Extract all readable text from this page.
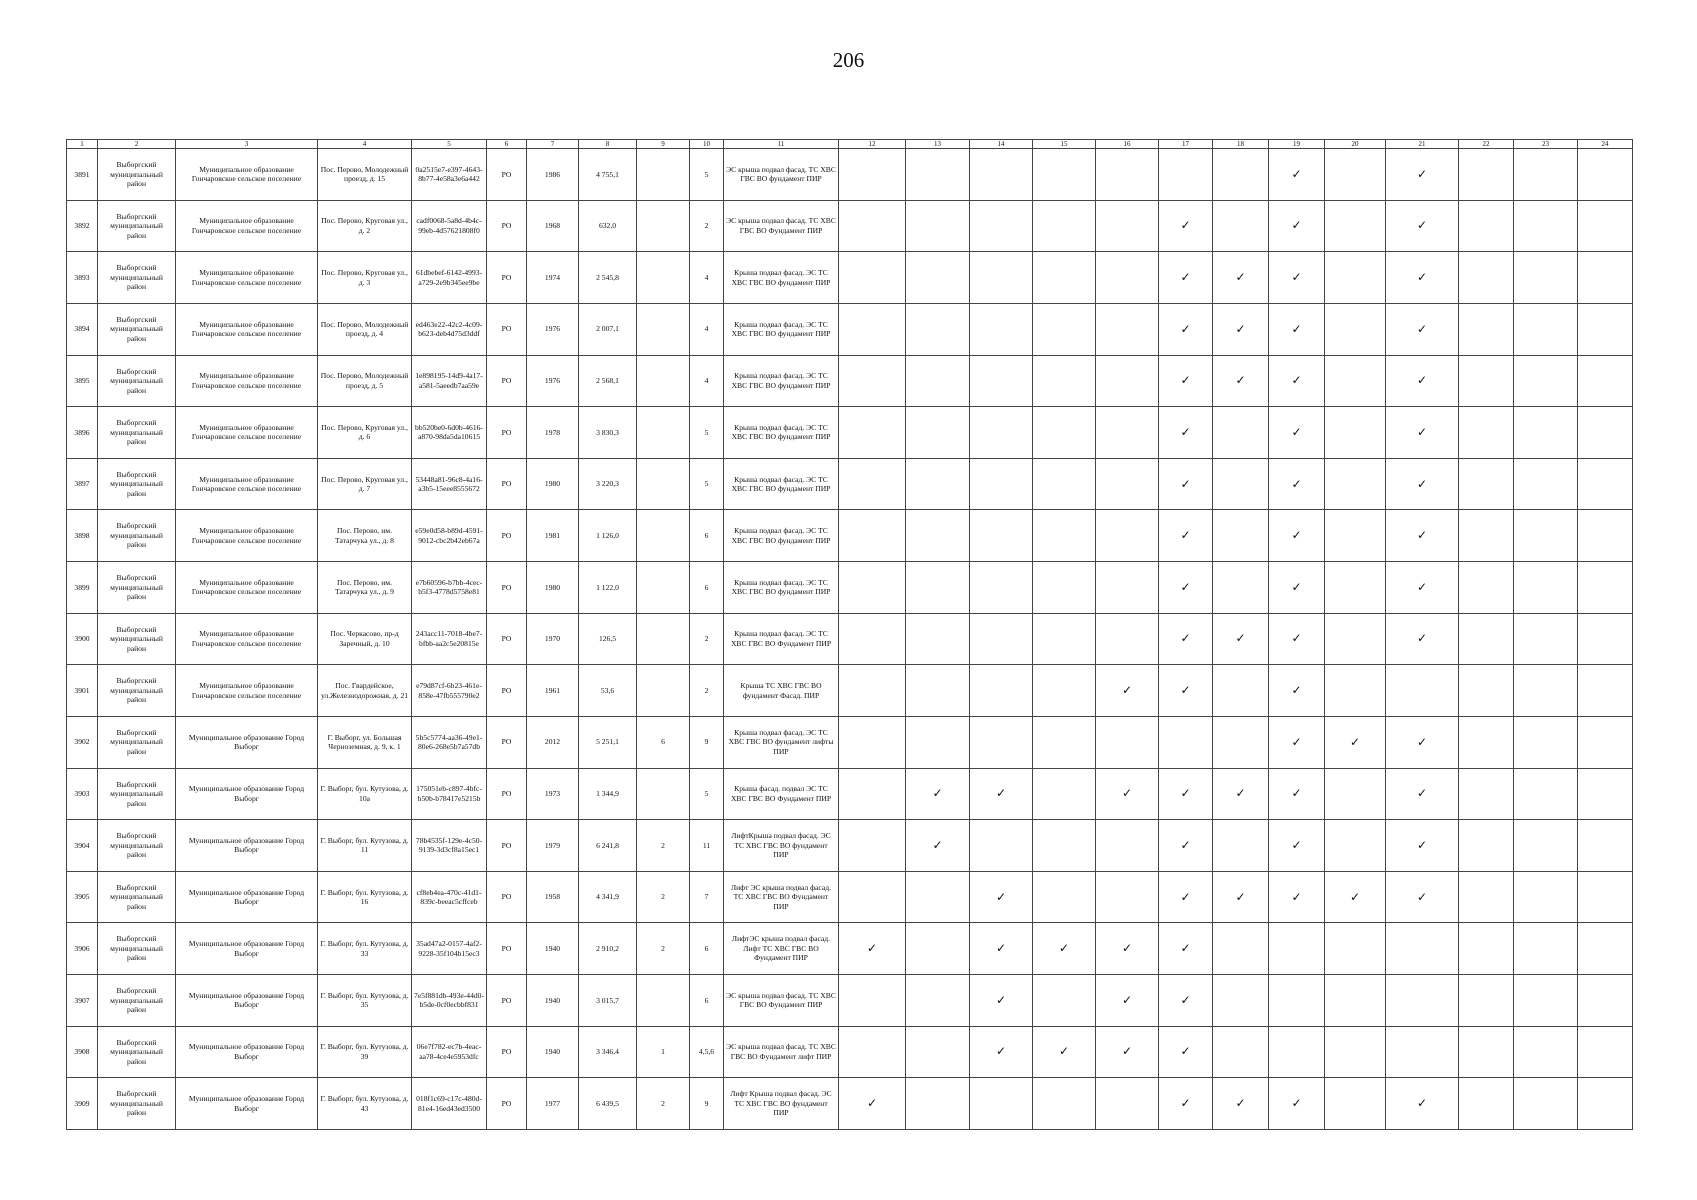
206
1	2	3	4	5	6	7	8	9	10	11	12	13	14	15	16	17	18	19	20	21	22	23	24
3891	Выборгский муниципальный район	Муниципальное образование Гончаровское сельское поселение	Пос. Перово, Молодежный проезд, д. 15	0a2515e7-e397-4643-8b77-4e58a3e6a442	РО	1986	4 755,1		5	ЭС крыша подвал фасад. ТС ХВС ГВС ВО фундамент ПИР								✓		✓			
3892	Выборгский муниципальный район	Муниципальное образование Гончаровское сельское поселение	Пос. Перово, Круговая ул., д. 2	cadf0068-5a8d-4b4c-99eb-4d57621808f0	РО	1968	632,0		2	ЭС крыша подвал фасад. ТС ХВС ГВС ВО Фундамент ПИР						✓		✓		✓			
3893	Выборгский муниципальный район	Муниципальное образование Гончаровское сельское поселение	Пос. Перово, Круговая ул., д. 3	61dbebef-6142-4993-a729-2e9b345ee9be	РО	1974	2 545,8		4	Крыша подвал фасад. ЭС ТС ХВС ГВС ВО фундамент ПИР						✓	✓	✓		✓			
3894	Выборгский муниципальный район	Муниципальное образование Гончаровское сельское поселение	Пос. Перово, Молодежный проезд, д. 4	ed463e22-42c2-4c09-b623-deb4d75d3ddf	РО	1976	2 007,1		4	Крыша подвал фасад. ЭС ТС ХВС ГВС ВО фундамент ПИР						✓	✓	✓		✓			
3895	Выборгский муниципальный район	Муниципальное образование Гончаровское сельское поселение	Пос. Перово, Молодежный проезд, д. 5	1e898195-14d9-4a17-a581-5aeedb7aa59e	РО	1976	2 568,1		4	Крыша подвал фасад. ЭС ТС ХВС ГВС ВО фундамент ПИР						✓	✓	✓		✓			
3896	Выборгский муниципальный район	Муниципальное образование Гончаровское сельское поселение	Пос. Перово, Круговая ул., д. 6	bb520be0-6d0b-4616-a870-98da5da10615	РО	1978	3 830,3		5	Крыша подвал фасад. ЭС ТС ХВС ГВС ВО фундамент ПИР						✓		✓		✓			
3897	Выборгский муниципальный район	Муниципальное образование Гончаровское сельское поселение	Пос. Перово, Круговая ул., д. 7	53448a81-96c8-4a16-a3b5-15eee8555672	РО	1980	3 220,3		5	Крыша подвал фасад. ЭС ТС ХВС ГВС ВО фундамент ПИР						✓		✓		✓			
3898	Выборгский муниципальный район	Муниципальное образование Гончаровское сельское поселение	Пос. Перово, им. Татарчука ул., д. 8	e59e0d58-b89d-4591-9012-cbc2b42eb67a	РО	1981	1 126,0		6	Крыша подвал фасад. ЭС ТС ХВС ГВС ВО фундамент ПИР						✓		✓		✓			
3899	Выборгский муниципальный район	Муниципальное образование Гончаровское сельское поселение	Пос. Перово, им. Татарчука ул., д. 9	e7b60596-b7bb-4cec-b5f3-4778d5758e81	РО	1980	1 122,0		6	Крыша подвал фасад. ЭС ТС ХВС ГВС ВО фундамент ПИР						✓		✓		✓			
3900	Выборгский муниципальный район	Муниципальное образование Гончаровское сельское поселение	Пос. Черкасово, пр-д Заречный, д. 10	243acc11-7018-4be7-bfbb-aa2c5e20815e	РО	1970	126,5		2	Крыша подвал фасад. ЭС ТС ХВС ГВС ВО Фундамент ПИР						✓	✓	✓		✓			
3901	Выборгский муниципальный район	Муниципальное образование Гончаровское сельское поселение	Пос. Гвардейское, ул.Железнодорожная, д. 21	e79d87cf-6b23-461e-858e-47fb555790e2	РО	1961	53,6		2	Крыша ТС ХВС ГВС ВО фундамент Фасад. ПИР					✓	✓		✓					
3902	Выборгский муниципальный район	Муниципальное образование Город Выборг	Г. Выборг, ул. Большая Черноземная, д. 9, к. 1	5b5c5774-aa36-49e1-80e6-268e5b7a57db	РО	2012	5 251,1	6	9	Крыша подвал фасад. ЭС ТС ХВС ГВС ВО фундамент лифты ПИР								✓	✓	✓			
3903	Выборгский муниципальный район	Муниципальное образование Город Выборг	Г. Выборг, бул. Кутузова, д. 10а	175051eb-c897-4bfc-b50b-b78417e5215b	РО	1973	1 344,9		5	Крыша фасад. подвал ЭС ТС ХВС ГВС ВО Фундамент ПИР		✓	✓		✓	✓	✓	✓		✓			
3904	Выборгский муниципальный район	Муниципальное образование Город Выборг	Г. Выборг, бул. Кутузова, д. 11	78b4535f-129e-4c50-9139-3d3cf8a15ec1	РО	1979	6 241,8	2	11	ЛифтКрыша подвал фасад. ЭС ТС ХВС ГВС ВО фундамент ПИР		✓				✓		✓		✓			
3905	Выборгский муниципальный район	Муниципальное образование Город Выборг	Г. Выборг, бул. Кутузова, д. 16	cf8eb4ea-470c-41d1-839c-beeac5cffceb	РО	1958	4 341,9	2	7	Лифт ЭС крыша подвал фасад. ТС ХВС ГВС ВО Фундамент ПИР			✓			✓	✓	✓	✓	✓			
3906	Выборгский муниципальный район	Муниципальное образование Город Выборг	Г. Выборг, бул. Кутузова, д. 33	35ad47a2-0157-4af2-9228-35f104b15ec3	РО	1940	2 910,2	2	6	ЛифтЭС крыша подвал фасад. Лифт ТС ХВС ГВС ВО Фундамент ПИР	✓		✓	✓	✓	✓							
3907	Выборгский муниципальный район	Муниципальное образование Город Выборг	Г. Выборг, бул. Кутузова, д. 35	7e5f881db-493e-44d0-b5de-0cf0ecbbf831	РО	1940	3 015,7		6	ЭС крыша подвал фасад. ТС ХВС ГВС ВО Фундамент ПИР			✓		✓	✓							
3908	Выборгский муниципальный район	Муниципальное образование Город Выборг	Г. Выборг, бул. Кутузова, д. 39	06e7f782-ec7b-4eac-aa78-4ce4e5953dfc	РО	1940	3 346,4	1	4,5,6	ЭС крыша подвал фасад. ТС ХВС ГВС ВО Фундамент лифт ПИР			✓	✓	✓	✓							
3909	Выборгский муниципальный район	Муниципальное образование Город Выборг	Г. Выборг, бул. Кутузова, д. 43	018f1c69-c17c-480d-81e4-16ed43ed3500	РО	1977	6 439,5	2	9	Лифт Крыша подвал фасад. ЭС ТС ХВС ГВС ВО фундамент ПИР	✓					✓	✓	✓		✓			
